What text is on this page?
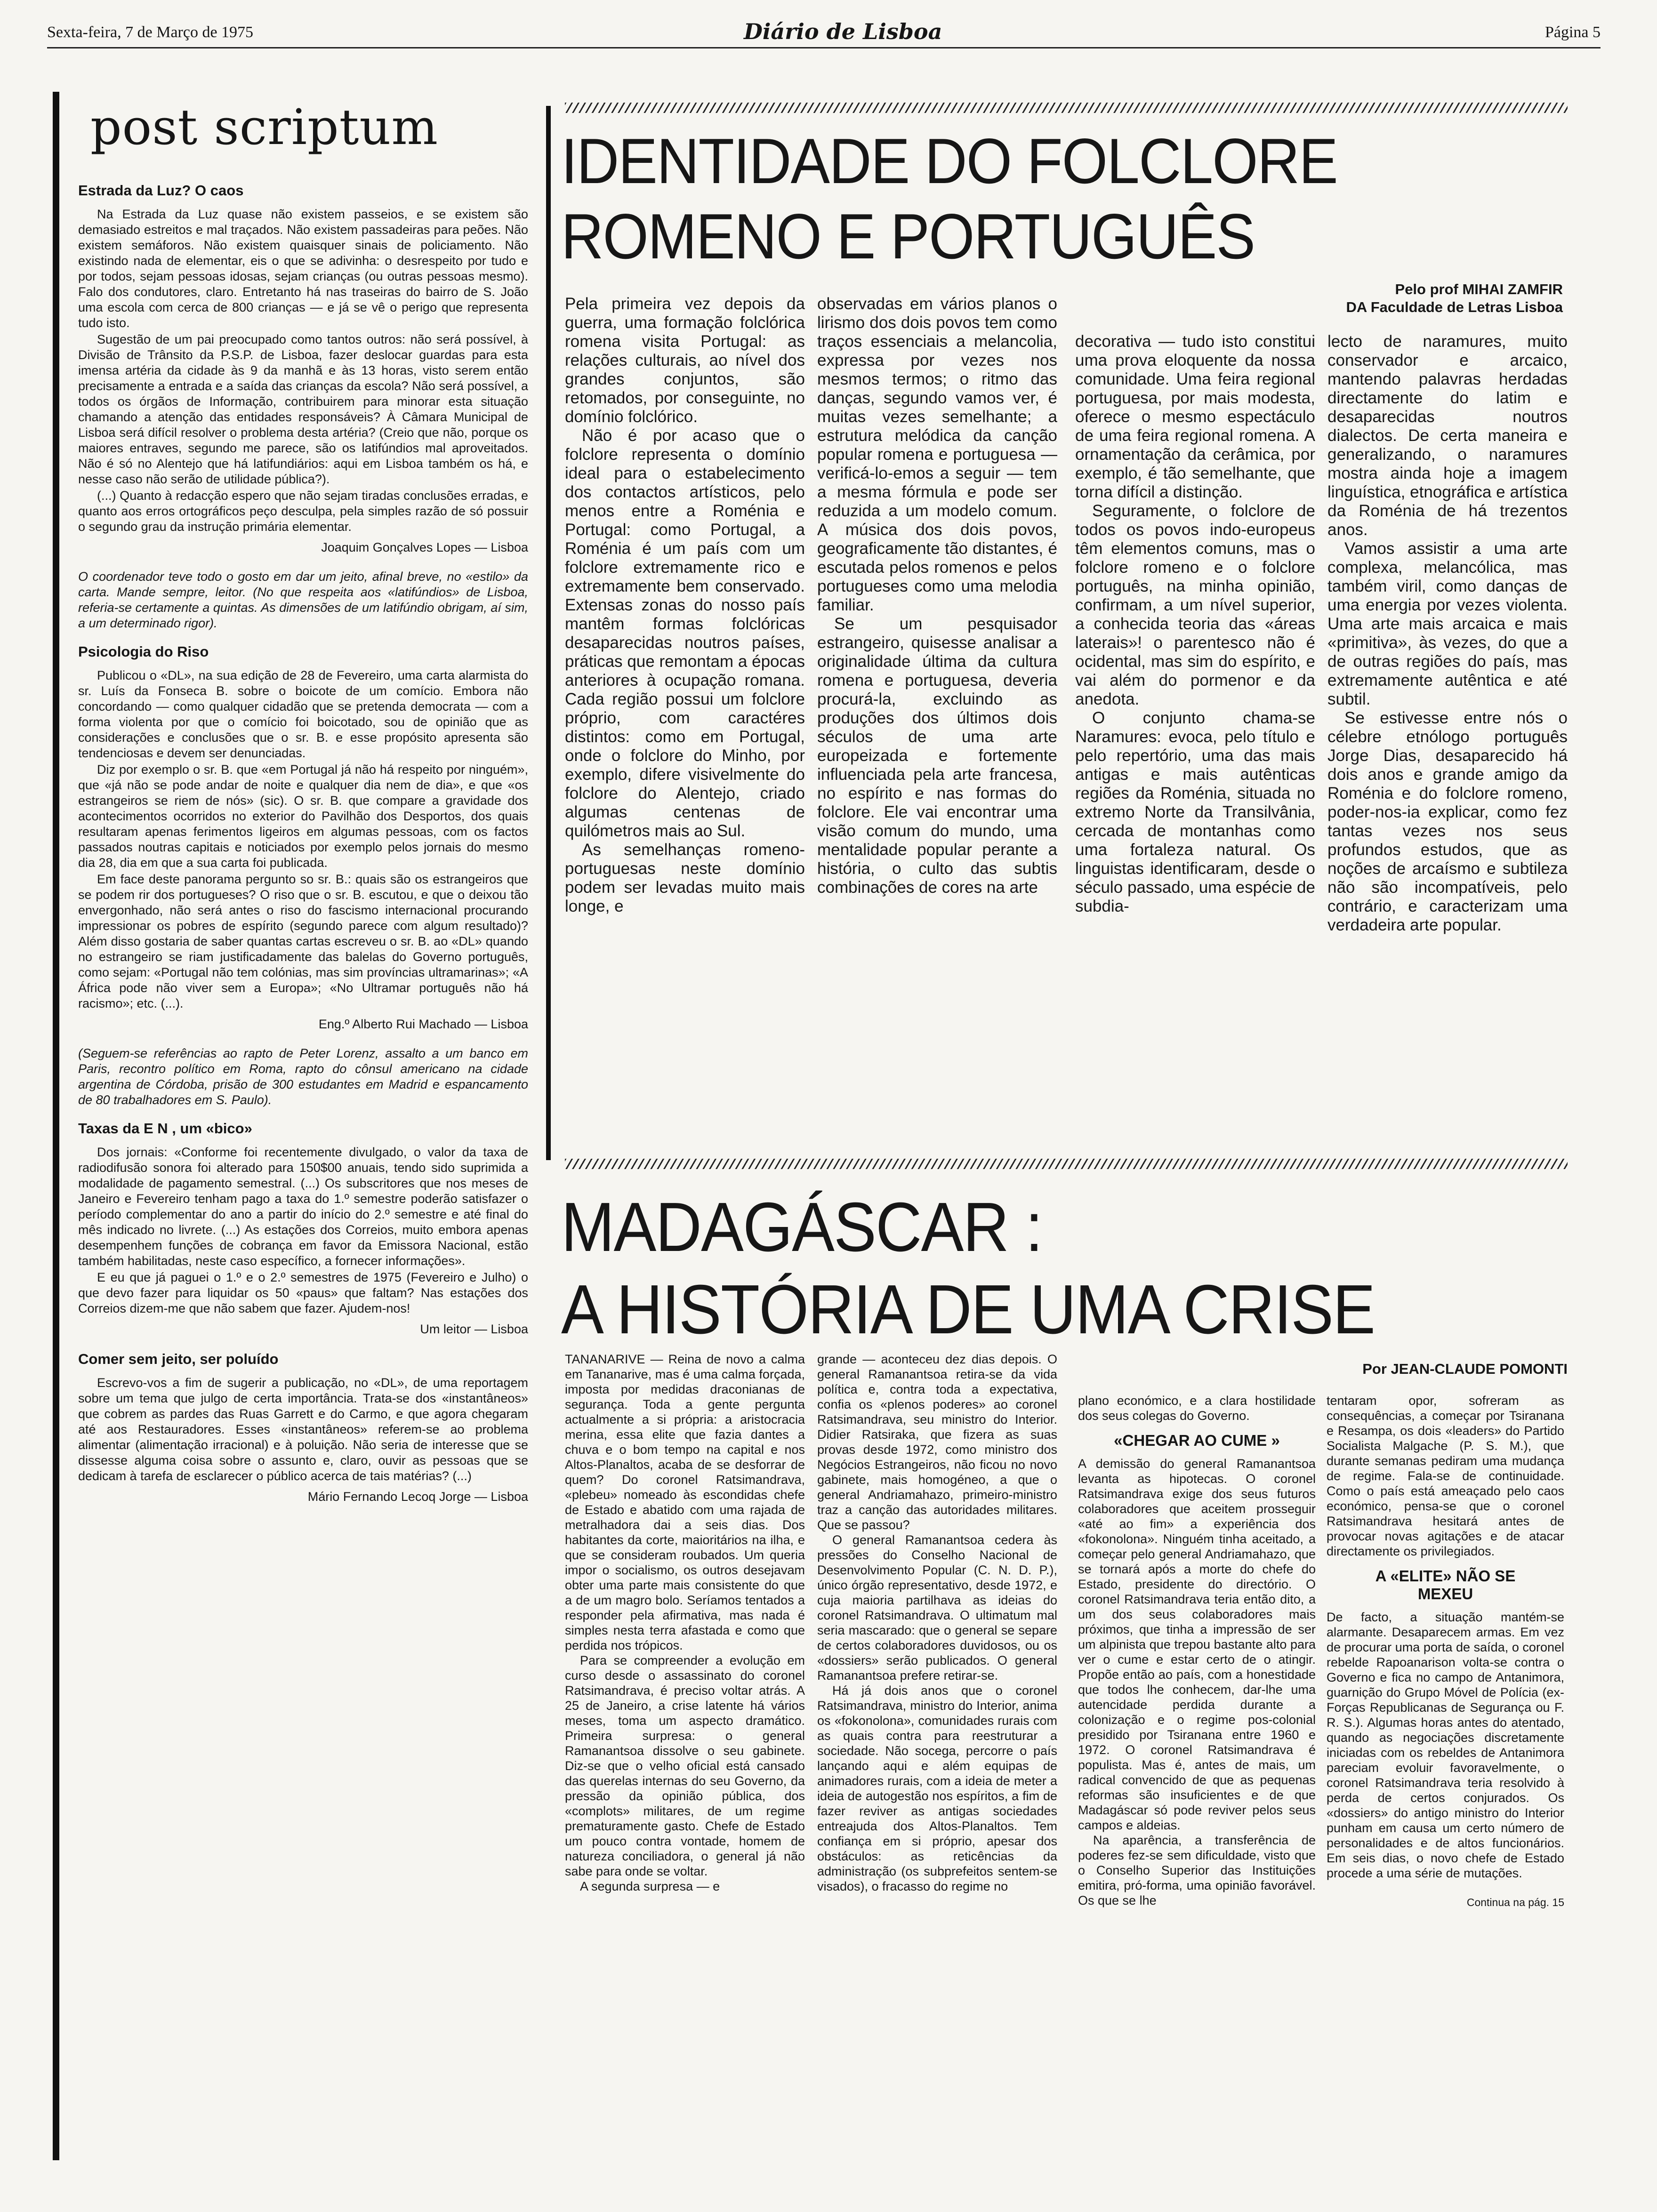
Sexta-feira, 7 de Março de 1975	Diário de Lisboa	Página 5
post scriptum
Estrada da Luz? O caos

Na Estrada da Luz quase não existem passeios, e se existem são demasiado estreitos e mal traçados. Não existem passadeiras para peões. Não existem semáforos. Não existem quaisquer sinais de policiamento. Não existindo nada de elementar, eis o que se adivinha: o desrespeito por tudo e por todos, sejam pessoas idosas, sejam crianças (ou outras pessoas mesmo). Falo dos condutores, claro. Entretanto há nas traseiras do bairro de S. João uma escola com cerca de 800 crianças — e já se vê o perigo que representa tudo isto.

Sugestão de um pai preocupado como tantos outros: não será possível, à Divisão de Trânsito da P.S.P. de Lisboa, fazer deslocar guardas para esta imensa artéria da cidade às 9 da manhã e às 13 horas, visto serem então precisamente a entrada e a saída das crianças da escola? Não será possível, a todos os órgãos de Informação, contribuirem para minorar esta situação chamando a atenção das entidades responsáveis? À Câmara Municipal de Lisboa será difícil resolver o problema desta artéria? (Creio que não, porque os maiores entraves, segundo me parece, são os latifúndios mal aproveitados. Não é só no Alentejo que há latifundiários: aqui em Lisboa também os há, e nesse caso não serão de utilidade pública?).

(...) Quanto à redacção espero que não sejam tiradas conclusões erradas, e quanto aos erros ortográficos peço desculpa, pela simples razão de só possuir o segundo grau da instrução primária elementar.

Joaquim Gonçalves Lopes — Lisboa
O coordenador teve todo o gosto em dar um jeito, afinal breve, no «estilo» da carta. Mande sempre, leitor. (No que respeita aos «latifúndios» de Lisboa, referia-se certamente a quintas. As dimensões de um latifúndio obrigam, aí sim, a um determinado rigor).
Psicologia do Riso

Publicou o «DL», na sua edição de 28 de Fevereiro, uma carta alarmista do sr. Luís da Fonseca B. sobre o boicote de um comício. Embora não concordando — como qualquer cidadão que se pretenda democrata — com a forma violenta por que o comício foi boicotado, sou de opinião que as considerações e conclusões que o sr. B. e esse propósito apresenta são tendenciosas e devem ser denunciadas.

Diz por exemplo o sr. B. que «em Portugal já não há respeito por ninguém», que «já não se pode andar de noite e qualquer dia nem de dia», e que «os estrangeiros se riem de nós» (sic). O sr. B. que compare a gravidade dos acontecimentos ocorridos no exterior do Pavilhão dos Desportos, dos quais resultaram apenas ferimentos ligeiros em algumas pessoas, com os factos passados noutras capitais e noticiados por exemplo pelos jornais do mesmo dia 28, dia em que a sua carta foi publicada.

Em face deste panorama pergunto so sr. B.: quais são os estrangeiros que se podem rir dos portugueses? O riso que o sr. B. escutou, e que o deixou tão envergonhado, não será antes o riso do fascismo internacional procurando impressionar os pobres de espírito (segundo parece com algum resultado)? Além disso gostaria de saber quantas cartas escreveu o sr. B. ao «DL» quando no estrangeiro se riam justificadamente das balelas do Governo português, como sejam: «Portugal não tem colónias, mas sim províncias ultramarinas»; «A África pode não viver sem a Europa»; «No Ultramar português não há racismo»; etc. (...).

Eng.º Alberto Rui Machado — Lisboa
(Seguem-se referências ao rapto de Peter Lorenz, assalto a um banco em Paris, recontro político em Roma, rapto do cônsul americano na cidade argentina de Córdoba, prisão de 300 estudantes em Madrid e espancamento de 80 trabalhadores em S. Paulo).
Taxas da E N , um «bico»

Dos jornais: «Conforme foi recentemente divulgado, o valor da taxa de radiodifusão sonora foi alterado para 150$00 anuais, tendo sido suprimida a modalidade de pagamento semestral. (...) Os subscritores que nos meses de Janeiro e Fevereiro tenham pago a taxa do 1.º semestre poderão satisfazer o período complementar do ano a partir do início do 2.º semestre e até final do mês indicado no livrete. (...) As estações dos Correios, muito embora apenas desempenhem funções de cobrança em favor da Emissora Nacional, estão também habilitadas, neste caso específico, a fornecer informações».

E eu que já paguei o 1.º e o 2.º semestres de 1975 (Fevereiro e Julho) o que devo fazer para liquidar os 50 «paus» que faltam? Nas estações dos Correios dizem-me que não sabem que fazer. Ajudem-nos!

Um leitor — Lisboa
Comer sem jeito, ser poluído

Escrevo-vos a fim de sugerir a publicação, no «DL», de uma reportagem sobre um tema que julgo de certa importância. Trata-se dos «instantâneos» que cobrem as pardes das Ruas Garrett e do Carmo, e que agora chegaram até aos Restauradores. Esses «instantâneos» referem-se ao problema alimentar (alimentação irracional) e à poluição. Não seria de interesse que se dissesse alguma coisa sobre o assunto e, claro, ouvir as pessoas que se dedicam à tarefa de esclarecer o público acerca de tais matérias? (...)

Mário Fernando Lecoq Jorge — Lisboa
IDENTIDADE DO FOLCLORE
ROMENO E PORTUGUÊS
Pelo prof MIHAI ZAMFIR
DA Faculdade de Letras Lisboa

Pela primeira vez depois da guerra, uma formação folclórica romena visita Portugal: as relações culturais, ao nível dos grandes conjuntos, são retomados, por conseguinte, no domínio folclórico.

Não é por acaso que o folclore representa o domínio ideal para o estabelecimento dos contactos artísticos, pelo menos entre a Roménia e Portugal: como Portugal, a Roménia é um país com um folclore extremamente rico e extremamente bem conservado. Extensas zonas do nosso país mantêm formas folclóricas desaparecidas noutros países, práticas que remontam a épocas anteriores à ocupação romana. Cada região possui um folclore próprio, com caractéres distintos: como em Portugal, onde o folclore do Minho, por exemplo, difere visivelmente do folclore do Alentejo, criado algumas centenas de quilómetros mais ao Sul.

As semelhanças romeno-portuguesas neste domínio podem ser levadas muito mais longe, e

observadas em vários planos o lirismo dos dois povos tem como traços essenciais a melancolia, expressa por vezes nos mesmos termos; o ritmo das danças, segundo vamos ver, é muitas vezes semelhante; a estrutura melódica da canção popular romena e portuguesa — verificá-lo-emos a seguir — tem a mesma fórmula e pode ser reduzida a um modelo comum. A música dos dois povos, geograficamente tão distantes, é escutada pelos romenos e pelos portugueses como uma melodia familiar.

Se um pesquisador estrangeiro, quisesse analisar a originalidade última da cultura romena e portuguesa, deveria procurá-la, excluindo as produções dos últimos dois séculos de uma arte europeizada e fortemente influenciada pela arte francesa, no espírito e nas formas do folclore. Ele vai encontrar uma visão comum do mundo, uma mentalidade popular perante a história, o culto das subtis combinações de cores na arte

decorativa — tudo isto constitui uma prova eloquente da nossa comunidade. Uma feira regional portuguesa, por mais modesta, oferece o mesmo espectáculo de uma feira regional romena. A ornamentação da cerâmica, por exemplo, é tão semelhante, que torna difícil a distinção.

Seguramente, o folclore de todos os povos indo-europeus têm elementos comuns, mas o folclore romeno e o folclore português, na minha opinião, confirmam, a um nível superior, a conhecida teoria das «áreas laterais»! o parentesco não é ocidental, mas sim do espírito, e vai além do pormenor e da anedota.

O conjunto chama-se Naramures: evoca, pelo título e pelo repertório, uma das mais antigas e mais autênticas regiões da Roménia, situada no extremo Norte da Transilvânia, cercada de montanhas como uma fortaleza natural. Os linguistas identificaram, desde o século passado, uma espécie de subdia-

lecto de naramures, muito conservador e arcaico, mantendo palavras herdadas directamente do latim e desaparecidas noutros dialectos. De certa maneira e generalizando, o naramures mostra ainda hoje a imagem linguística, etnográfica e artística da Roménia de há trezentos anos.

Vamos assistir a uma arte complexa, melancólica, mas também viril, como danças de uma energia por vezes violenta. Uma arte mais arcaica e mais «primitiva», às vezes, do que a de outras regiões do país, mas extremamente autêntica e até subtil.

Se estivesse entre nós o célebre etnólogo português Jorge Dias, desaparecido há dois anos e grande amigo da Roménia e do folclore romeno, poder-nos-ia explicar, como fez tantas vezes nos seus profundos estudos, que as noções de arcaísmo e subtileza não são incompatíveis, pelo contrário, e caracterizam uma verdadeira arte popular.

MADAGÁSCAR :
A HISTÓRIA DE UMA CRISE
Por JEAN-CLAUDE POMONTI

TANANARIVE — Reina de novo a calma em Tananarive, mas é uma calma forçada, imposta por medidas draconianas de segurança. Toda a gente pergunta actualmente a si própria: a aristocracia merina, essa elite que fazia dantes a chuva e o bom tempo na capital e nos Altos-Planaltos, acaba de se desforrar de quem? Do coronel Ratsimandrava, «plebeu» nomeado às escondidas chefe de Estado e abatido com uma rajada de metralhadora dai a seis dias. Dos habitantes da corte, maioritários na ilha, e que se consideram roubados. Um queria impor o socialismo, os outros desejavam obter uma parte mais consistente do que a de um magro bolo. Seríamos tentados a responder pela afirmativa, mas nada é simples nesta terra afastada e como que perdida nos trópicos.

Para se compreender a evolução em curso desde o assassinato do coronel Ratsimandrava, é preciso voltar atrás. A 25 de Janeiro, a crise latente há vários meses, toma um aspecto dramático. Primeira surpresa: o general Ramanantsoa dissolve o seu gabinete. Diz-se que o velho oficial está cansado das querelas internas do seu Governo, da pressão da opinião pública, dos «complots» militares, de um regime prematuramente gasto. Chefe de Estado um pouco contra vontade, homem de natureza conciliadora, o general já não sabe para onde se voltar.

A segunda surpresa — e

grande — aconteceu dez dias depois. O general Ramanantsoa retira-se da vida política e, contra toda a expectativa, confia os «plenos poderes» ao coronel Ratsimandrava, seu ministro do Interior. Didier Ratsiraka, que fizera as suas provas desde 1972, como ministro dos Negócios Estrangeiros, não ficou no novo gabinete, mais homogéneo, a que o general Andriamahazo, primeiro-ministro traz a canção das autoridades militares. Que se passou?

O general Ramanantsoa cedera às pressões do Conselho Nacional de Desenvolvimento Popular (C. N. D. P.), único órgão representativo, desde 1972, e cuja maioria partilhava as ideias do coronel Ratsimandrava. O ultimatum mal seria mascarado: que o general se separe de certos colaboradores duvidosos, ou os «dossiers» serão publicados. O general Ramanantsoa prefere retirar-se.

Há já dois anos que o coronel Ratsimandrava, ministro do Interior, anima os «fokonolona», comunidades rurais com as quais contra para reestruturar a sociedade. Não socega, percorre o país lançando aqui e além equipas de animadores rurais, com a ideia de meter a ideia de autogestão nos espíritos, a fim de fazer reviver as antigas sociedades entreajuda dos Altos-Planaltos. Tem confiança em si próprio, apesar dos obstáculos: as reticências da administração (os subprefeitos sentem-se visados), o fracasso do regime no

plano económico, e a clara hostilidade dos seus colegas do Governo.

«CHEGAR AO CUME »

A demissão do general Ramanantsoa levanta as hipotecas. O coronel Ratsimandrava exige dos seus futuros colaboradores que aceitem prosseguir «até ao fim» a experiência dos «fokonolona». Ninguém tinha aceitado, a começar pelo general Andriamahazo, que se tornará após a morte do chefe do Estado, presidente do directório. O coronel Ratsimandrava teria então dito, a um dos seus colaboradores mais próximos, que tinha a impressão de ser um alpinista que trepou bastante alto para ver o cume e estar certo de o atingir. Propõe então ao país, com a honestidade que todos lhe conhecem, dar-lhe uma autencidade perdida durante a colonização e o regime pos-colonial presidido por Tsiranana entre 1960 e 1972. O coronel Ratsimandrava é populista. Mas é, antes de mais, um radical convencido de que as pequenas reformas são insuficientes e de que Madagáscar só pode reviver pelos seus campos e aldeias.

Na aparência, a transferência de poderes fez-se sem dificuldade, visto que o Conselho Superior das Instituições emitira, pró-forma, uma opinião favorável. Os que se lhe

tentaram opor, sofreram as consequências, a começar por Tsiranana e Resampa, os dois «leaders» do Partido Socialista Malgache (P. S. M.), que durante semanas pediram uma mudança de regime. Fala-se de continuidade. Como o país está ameaçado pelo caos económico, pensa-se que o coronel Ratsimandrava hesitará antes de provocar novas agitações e de atacar directamente os privilegiados.

A «ELITE» NÃO SE MEXEU

De facto, a situação mantém-se alarmante. Desaparecem armas. Em vez de procurar uma porta de saída, o coronel rebelde Rapoanarison volta-se contra o Governo e fica no campo de Antanimora, guarnição do Grupo Móvel de Polícia (ex-Forças Republicanas de Segurança ou F. R. S.). Algumas horas antes do atentado, quando as negociações discretamente iniciadas com os rebeldes de Antanimora pareciam evoluir favoravelmente, o coronel Ratsimandrava teria resolvido à perda de certos conjurados. Os «dossiers» do antigo ministro do Interior punham em causa um certo número de personalidades e de altos funcionários. Em seis dias, o novo chefe de Estado procede a uma série de mutações.

Continua na pág. 15
